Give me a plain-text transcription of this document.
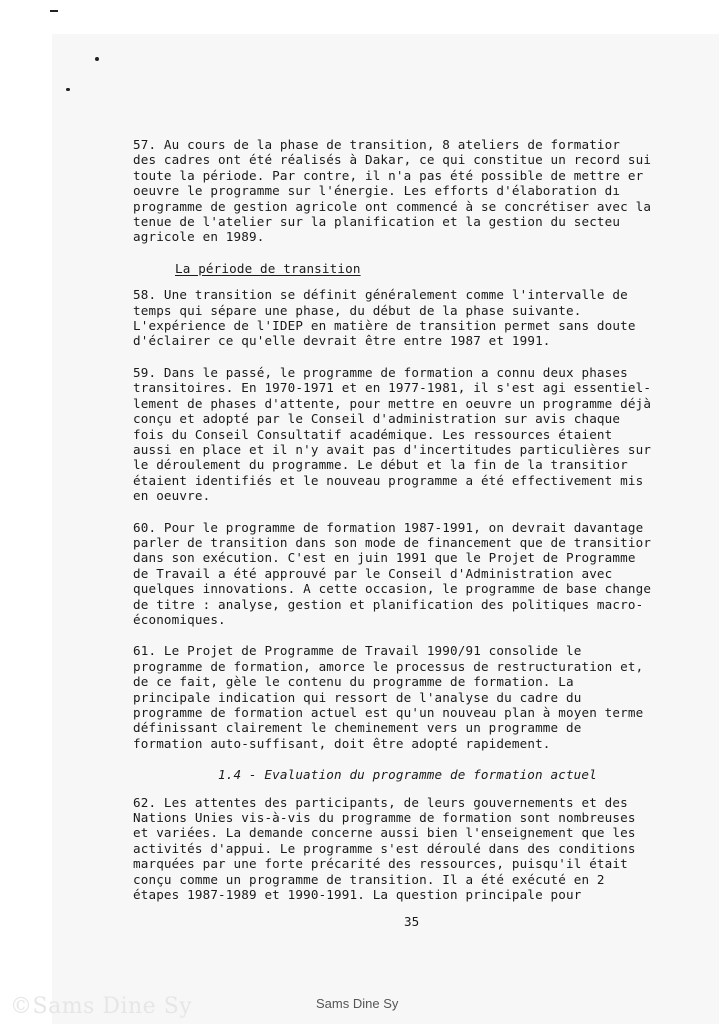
57. Au cours de la phase de transition, 8 ateliers de formatior
des cadres ont été réalisés à Dakar, ce qui constitue un record sui
toute la période. Par contre, il n'a pas été possible de mettre er
oeuvre le programme sur l'énergie. Les efforts d'élaboration dı
programme de gestion agricole ont commencé à se concrétiser avec la
tenue de l'atelier sur la planification et la gestion du secteu
agricole en 1989.

La période de transition

58. Une transition se définit généralement comme l'intervalle de
temps qui sépare une phase, du début de la phase suivante.
L'expérience de l'IDEP en matière de transition permet sans doute
d'éclairer ce qu'elle devrait être entre 1987 et 1991.

59. Dans le passé, le programme de formation a connu deux phases
transitoires. En 1970-1971 et en 1977-1981, il s'est agi essentiel-
lement de phases d'attente, pour mettre en oeuvre un programme déjà
conçu et adopté par le Conseil d'administration sur avis chaque
fois du Conseil Consultatif académique. Les ressources étaient
aussi en place et il n'y avait pas d'incertitudes particulières sur
le déroulement du programme. Le début et la fin de la transitior
étaient identifiés et le nouveau programme a été effectivement mis
en oeuvre.

60. Pour le programme de formation 1987-1991, on devrait davantage
parler de transition dans son mode de financement que de transitior
dans son exécution. C'est en juin 1991 que le Projet de Programme
de Travail a été approuvé par le Conseil d'Administration avec
quelques innovations. A cette occasion, le programme de base change
de titre : analyse, gestion et planification des politiques macro-
économiques.

61. Le Projet de Programme de Travail 1990/91 consolide le
programme de formation, amorce le processus de restructuration et,
de ce fait, gèle le contenu du programme de formation. La
principale indication qui ressort de l'analyse du cadre du
programme de formation actuel est qu'un nouveau plan à moyen terme
définissant clairement le cheminement vers un programme de
formation auto-suffisant, doit être adopté rapidement.

1.4 - Evaluation du programme de formation actuel

62. Les attentes des participants, de leurs gouvernements et des
Nations Unies vis-à-vis du programme de formation sont nombreuses
et variées. La demande concerne aussi bien l'enseignement que les
activités d'appui. Le programme s'est déroulé dans des conditions
marquées par une forte précarité des ressources, puisqu'il était
conçu comme un programme de transition. Il a été exécuté en 2
étapes 1987-1989 et 1990-1991. La question principale pour

35
©Sams Dine Sy	Sams Dine Sy
